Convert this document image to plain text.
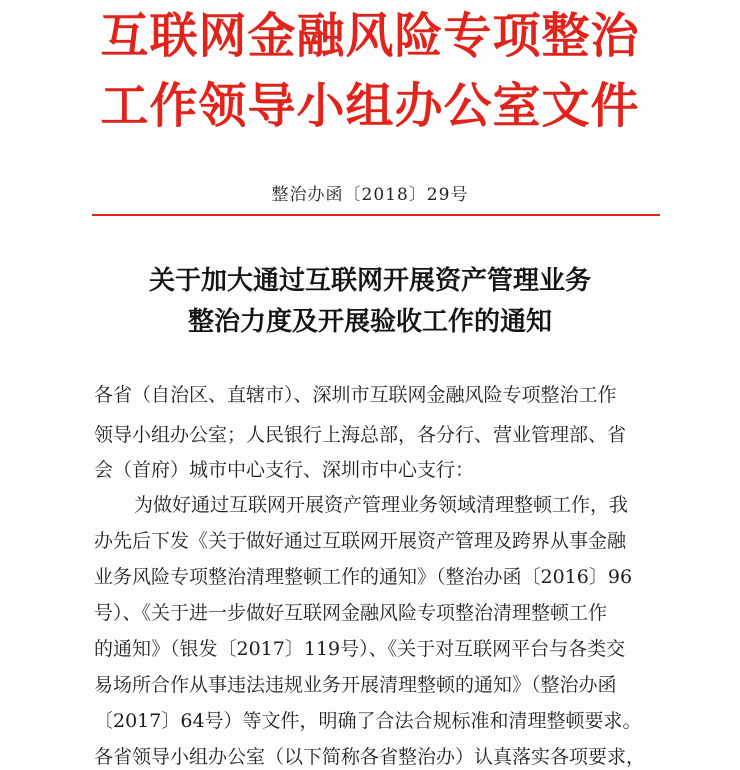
互联网金融风险专项整治
工作领导小组办公室文件
整治办函〔2018〕29号
关于加大通过互联网开展资产管理业务
整治力度及开展验收工作的通知
各省（自治区、直辖市）、深圳市互联网金融风险专项整治工作
领导小组办公室；人民银行上海总部，各分行、营业管理部、省
会（首府）城市中心支行、深圳市中心支行：
为做好通过互联网开展资产管理业务领域清理整顿工作，我
办先后下发《关于做好通过互联网开展资产管理及跨界从事金融
业务风险专项整治清理整顿工作的通知》（整治办函〔2016〕96
号）、《关于进一步做好互联网金融风险专项整治清理整顿工作
的通知》（银发〔2017〕119号）、《关于对互联网平台与各类交
易场所合作从事违法违规业务开展清理整顿的通知》（整治办函
〔2017〕64号）等文件，明确了合法合规标准和清理整顿要求。
各省领导小组办公室（以下简称各省整治办）认真落实各项要求，
